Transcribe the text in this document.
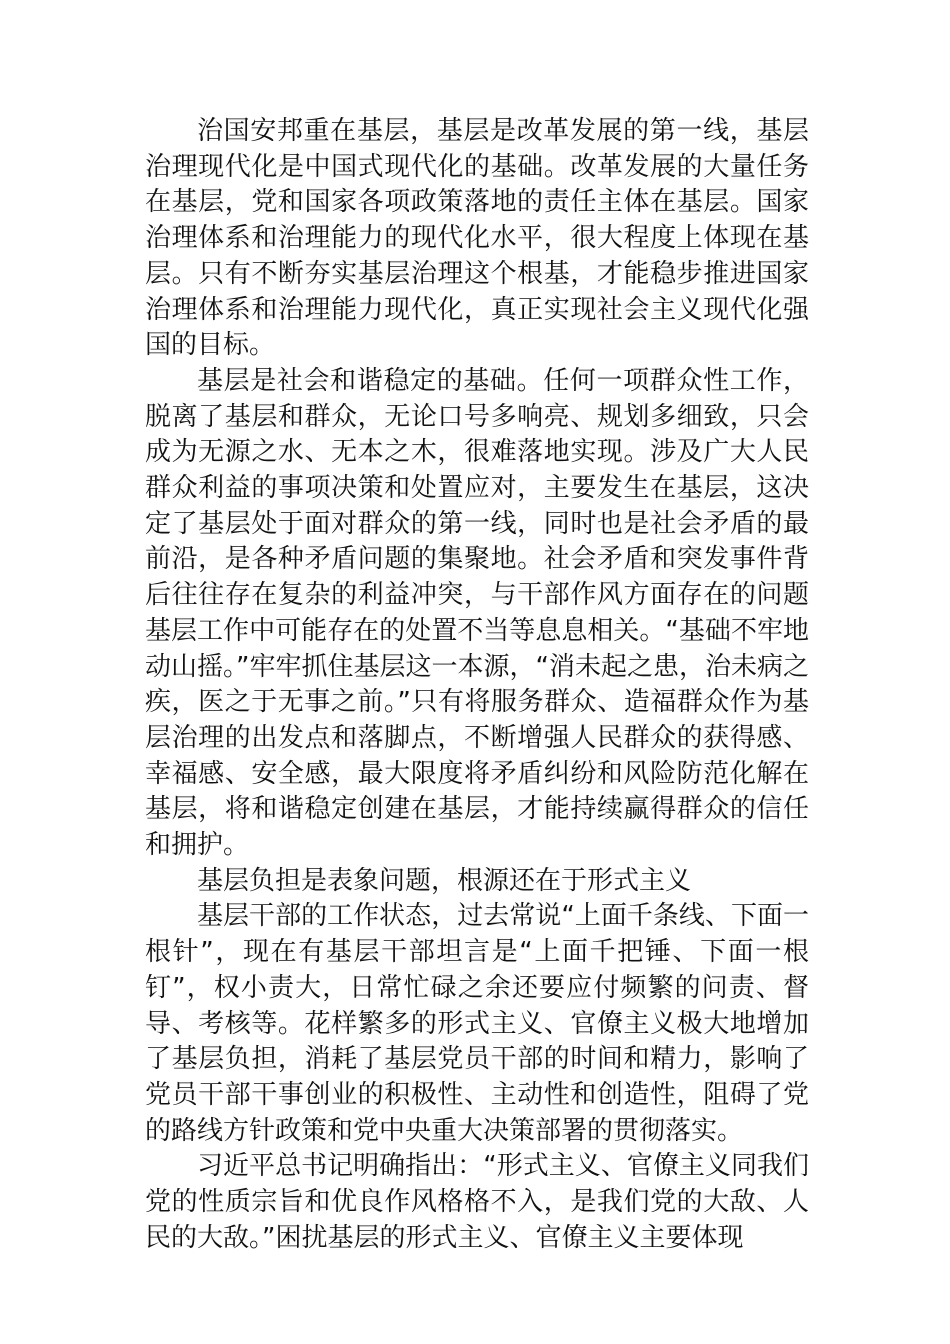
治国安邦重在基层，基层是改革发展的第一线，基层治理现代化是中国式现代化的基础。改革发展的大量任务在基层，党和国家各项政策落地的责任主体在基层。国家治理体系和治理能力的现代化水平，很大程度上体现在基层。只有不断夯实基层治理这个根基，才能稳步推进国家治理体系和治理能力现代化，真正实现社会主义现代化强国的目标。

基层是社会和谐稳定的基础。任何一项群众性工作，脱离了基层和群众，无论口号多响亮、规划多细致，只会成为无源之水、无本之木，很难落地实现。涉及广大人民群众利益的事项决策和处置应对，主要发生在基层，这决定了基层处于面对群众的第一线，同时也是社会矛盾的最前沿，是各种矛盾问题的集聚地。社会矛盾和突发事件背后往往存在复杂的利益冲突，与干部作风方面存在的问题基层工作中可能存在的处置不当等息息相关。“基础不牢地动山摇。”牢牢抓住基层这一本源，“消未起之患，治未病之疾，医之于无事之前。”只有将服务群众、造福群众作为基层治理的出发点和落脚点，不断增强人民群众的获得感、幸福感、安全感，最大限度将矛盾纠纷和风险防范化解在基层，将和谐稳定创建在基层，才能持续赢得群众的信任和拥护。

基层负担是表象问题，根源还在于形式主义

基层干部的工作状态，过去常说“上面千条线、下面一根针”，现在有基层干部坦言是“上面千把锤、下面一根钉”，权小责大，日常忙碌之余还要应付频繁的问责、督导、考核等。花样繁多的形式主义、官僚主义极大地增加了基层负担，消耗了基层党员干部的时间和精力，影响了党员干部干事创业的积极性、主动性和创造性，阻碍了党的路线方针政策和党中央重大决策部署的贯彻落实。

习近平总书记明确指出：“形式主义、官僚主义同我们党的性质宗旨和优良作风格格不入，是我们党的大敌、人民的大敌。”困扰基层的形式主义、官僚主义主要体现
